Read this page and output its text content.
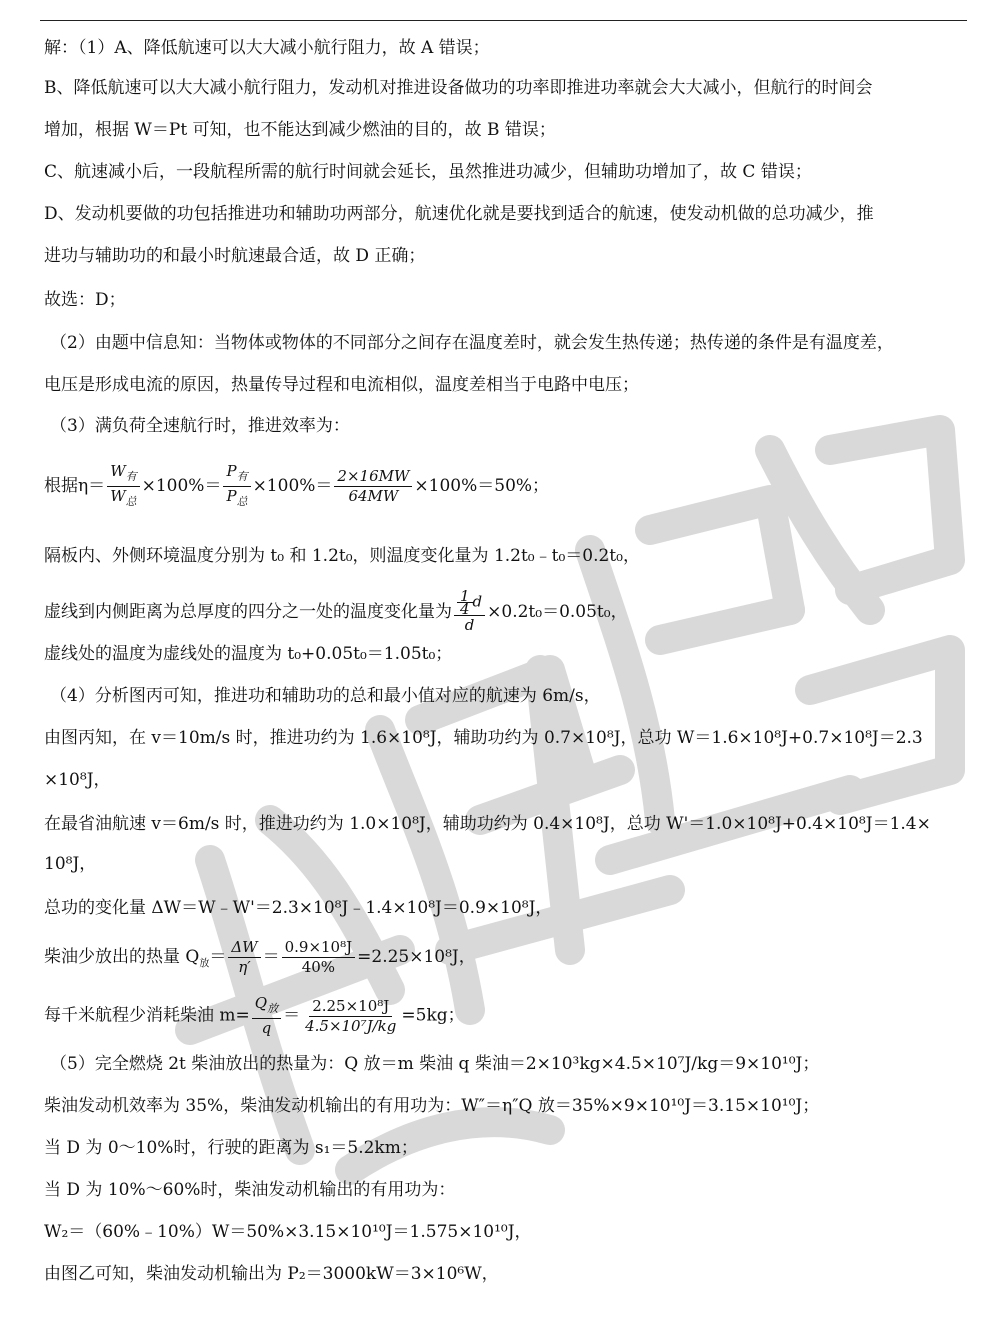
解：（1）A、降低航速可以大大减小航行阻力，故 A 错误；
B、降低航速可以大大减小航行阻力，发动机对推进设备做功的功率即推进功率就会大大减小，但航行的时间会
增加，根据 W＝Pt 可知，也不能达到减少燃油的目的，故 B 错误；
C、航速减小后，一段航程所需的航行时间就会延长，虽然推进功减少，但辅助功增加了，故 C 错误；
D、发动机要做的功包括推进功和辅助功两部分，航速优化就是要找到适合的航速，使发动机做的总功减少，推
进功与辅助功的和最小时航速最合适，故 D 正确；
故选：D；
（2）由题中信息知：当物体或物体的不同部分之间存在温度差时，就会发生热传递；热传递的条件是有温度差，
电压是形成电流的原因，热量传导过程和电流相似，温度差相当于电路中电压；
（3）满负荷全速航行时，推进效率为：
根据$\eta= \frac{W_有}{W_总} \times 100\%= \frac{P_有}{P_总} \times 100\%= \frac{2\times 16MW}{64MW} \times 100\%=50\%$；
隔板内、外侧环境温度分别为 t₀ 和 1.2t₀，则温度变化量为 1.2t₀﹣t₀＝0.2t₀，
虚线到内侧距离为总厚度的四分之一处的温度变化量为 $\frac{\frac{1}{4} d}{d} \times 0.2t_0=0.05t_0$，
虚线处的温度为虚线处的温度为 t₀+0.05t₀＝1.05t₀；
（4）分析图丙可知，推进功和辅助功的总和最小值对应的航速为 6m/s，
由图丙知，在 v＝10m/s 时，推进功约为 1.6×10⁸J，辅助功约为 0.7×10⁸J，总功 W＝1.6×10⁸J+0.7×10⁸J＝2.3
×10⁸J，
在最省油航速 v＝6m/s 时，推进功约为 1.0×10⁸J，辅助功约为 0.4×10⁸J，总功 W'＝1.0×10⁸J+0.4×10⁸J＝1.4×
10⁸J，
总功的变化量 ΔW＝W﹣W'＝2.3×10⁸J﹣1.4×10⁸J＝0.9×10⁸J，
柴油少放出的热量 $Q_放= \frac{\Delta W}{\eta'} = \frac{\text{0.9×10⁸J}}{40\%} =2.25\times 10^8J$，
每千米航程少消耗柴油 $m= \frac{Q_放}{q} = \frac{\text{2.25×10⁸J}}{\text{4.5×10⁷J/kg}} =5kg$；
（5）完全燃烧 2t 柴油放出的热量为：Q 放＝m 柴油 q 柴油＝2×10³kg×4.5×10⁷J/kg＝9×10¹⁰J；
柴油发动机效率为 35%，柴油发动机输出的有用功为：W″＝η″Q 放＝35%×9×10¹⁰J＝3.15×10¹⁰J；
当 D 为 0～10%时，行驶的距离为 s₁＝5.2km；
当 D 为 10%～60%时，柴油发动机输出的有用功为：
W₂＝（60%﹣10%）W＝50%×3.15×10¹⁰J＝1.575×10¹⁰J，
由图乙可知，柴油发动机输出为 P₂＝3000kW＝3×10⁶W，
